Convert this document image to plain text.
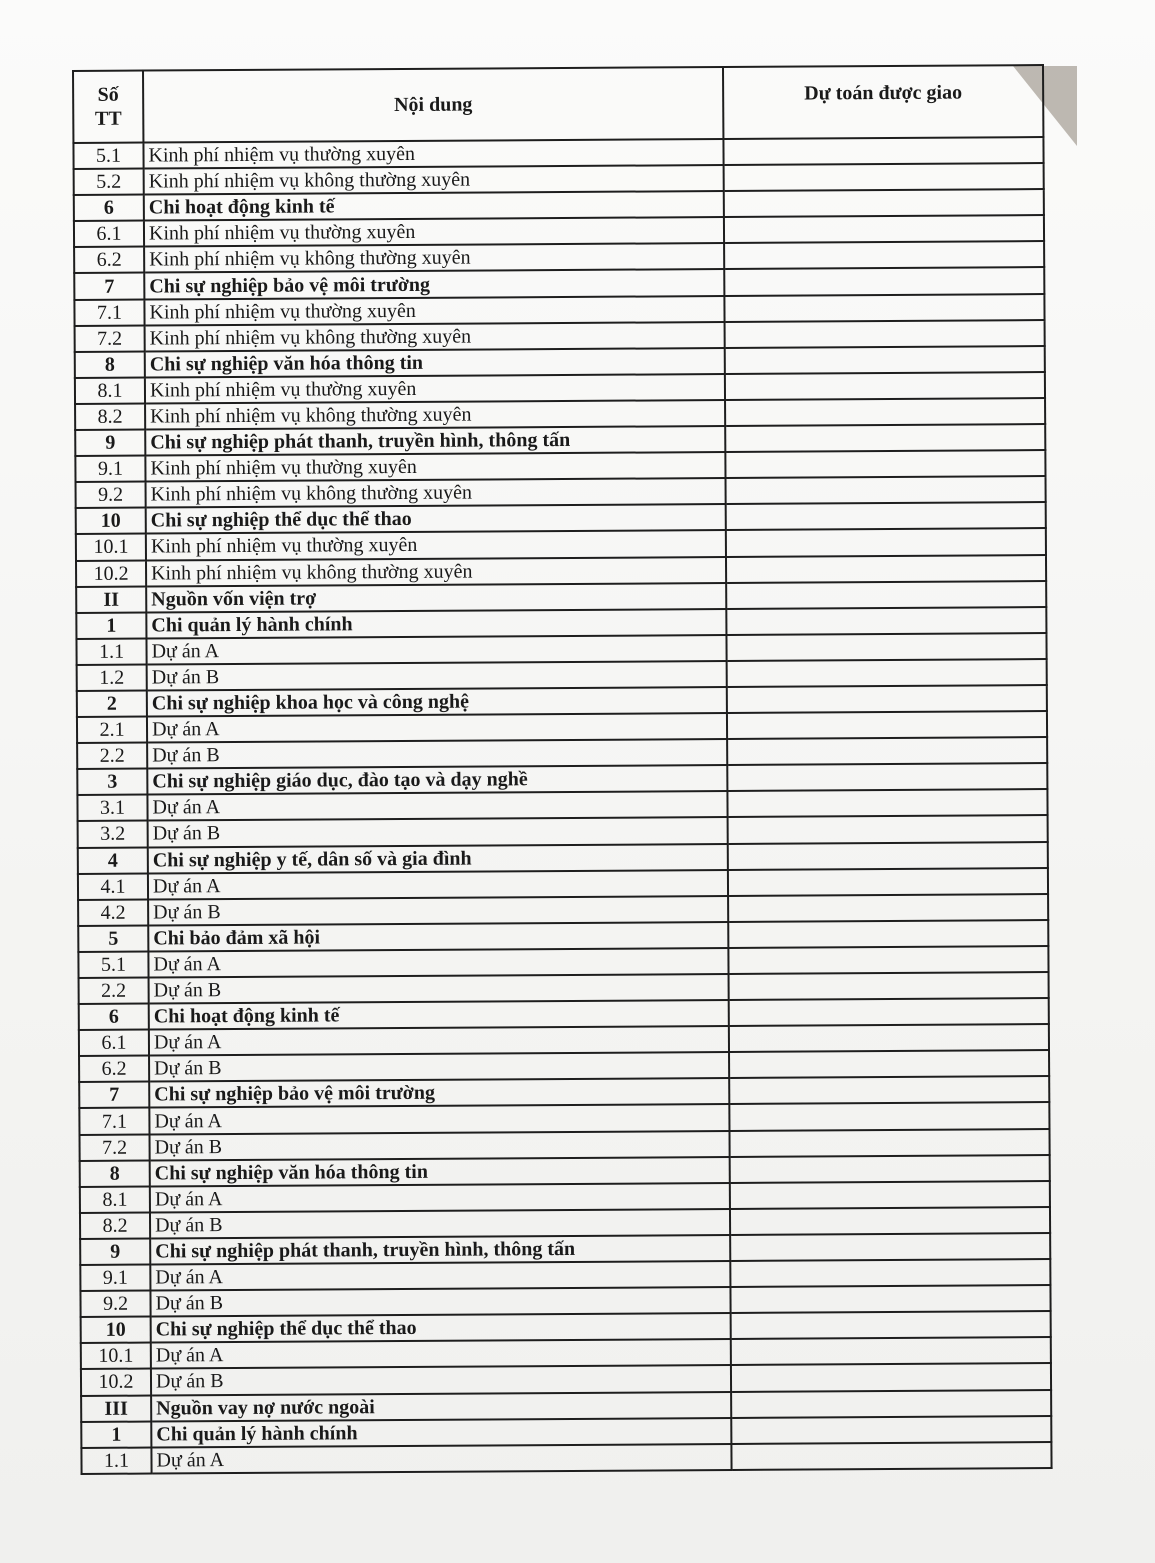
Số
TT	Nội dung	Dự toán được giao
5.1	Kinh phí nhiệm vụ thường xuyên	
5.2	Kinh phí nhiệm vụ không thường xuyên	
6	Chi hoạt động kinh tế	
6.1	Kinh phí nhiệm vụ thường xuyên	
6.2	Kinh phí nhiệm vụ không thường xuyên	
7	Chi sự nghiệp bảo vệ môi trường	
7.1	Kinh phí nhiệm vụ thường xuyên	
7.2	Kinh phí nhiệm vụ không thường xuyên	
8	Chi sự nghiệp văn hóa thông tin	
8.1	Kinh phí nhiệm vụ thường xuyên	
8.2	Kinh phí nhiệm vụ không thường xuyên	
9	Chi sự nghiệp phát thanh, truyền hình, thông tấn	
9.1	Kinh phí nhiệm vụ thường xuyên	
9.2	Kinh phí nhiệm vụ không thường xuyên	
10	Chi sự nghiệp thể dục thể thao	
10.1	Kinh phí nhiệm vụ thường xuyên	
10.2	Kinh phí nhiệm vụ không thường xuyên	
II	Nguồn vốn viện trợ	
1	Chi quản lý hành chính	
1.1	Dự án A	
1.2	Dự án B	
2	Chi sự nghiệp khoa học và công nghệ	
2.1	Dự án A	
2.2	Dự án B	
3	Chi sự nghiệp giáo dục, đào tạo và dạy nghề	
3.1	Dự án A	
3.2	Dự án B	
4	Chi sự nghiệp y tế, dân số và gia đình	
4.1	Dự án A	
4.2	Dự án B	
5	Chi bảo đảm xã hội	
5.1	Dự án A	
2.2	Dự án B	
6	Chi hoạt động kinh tế	
6.1	Dự án A	
6.2	Dự án B	
7	Chi sự nghiệp bảo vệ môi trường	
7.1	Dự án A	
7.2	Dự án B	
8	Chi sự nghiệp văn hóa thông tin	
8.1	Dự án A	
8.2	Dự án B	
9	Chi sự nghiệp phát thanh, truyền hình, thông tấn	
9.1	Dự án A	
9.2	Dự án B	
10	Chi sự nghiệp thể dục thể thao	
10.1	Dự án A	
10.2	Dự án B	
III	Nguồn vay nợ nước ngoài	
1	Chi quản lý hành chính	
1.1	Dự án A	
